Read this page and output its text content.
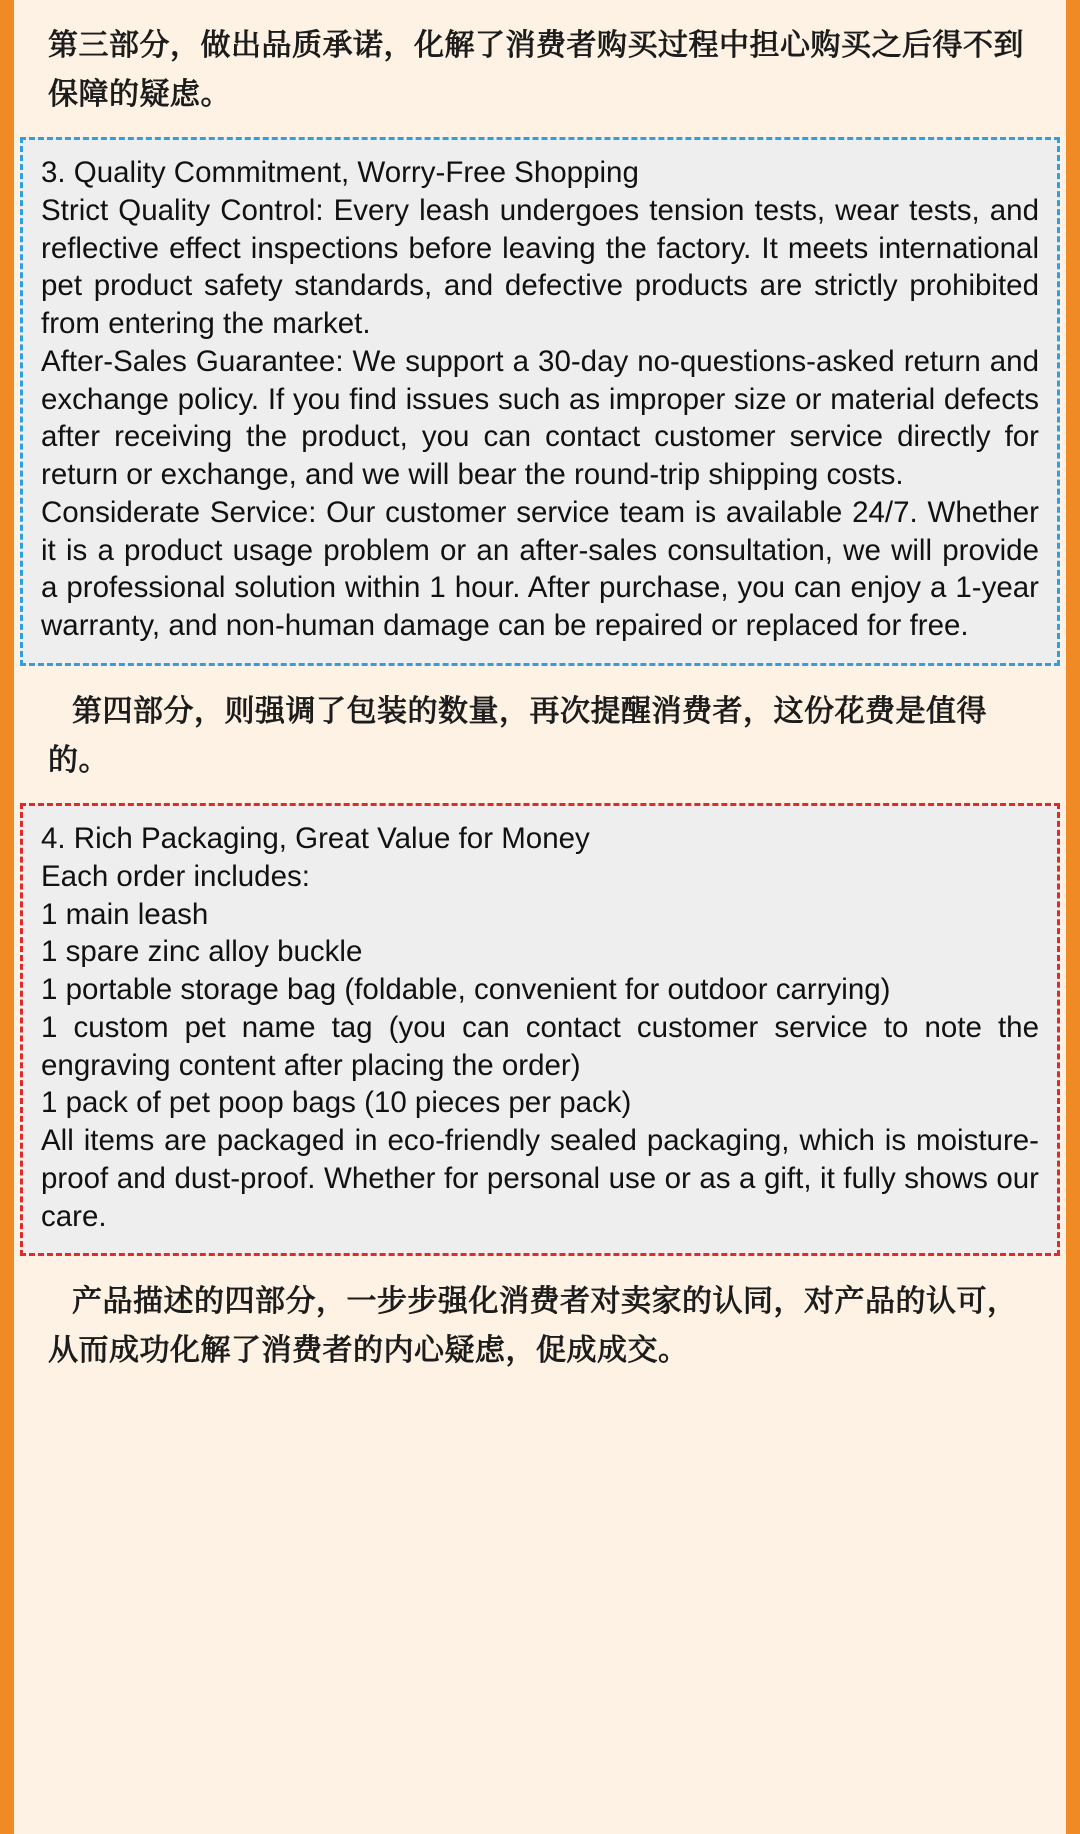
第三部分，做出品质承诺，化解了消费者购买过程中担心购买之后得不到保障的疑虑。

3. Quality Commitment, Worry-Free Shopping

Strict Quality Control: Every leash undergoes tension tests, wear tests, and reflective effect inspections before leaving the factory. It meets international pet product safety standards, and defective products are strictly prohibited from entering the market.

After-Sales Guarantee: We support a 30-day no-questions-asked return and exchange policy. If you find issues such as improper size or material defects after receiving the product, you can contact customer service directly for return or exchange, and we will bear the round-trip shipping costs.

Considerate Service: Our customer service team is available 24/7. Whether it is a product usage problem or an after-sales consultation, we will provide a professional solution within 1 hour. After purchase, you can enjoy a 1-year warranty, and non-human damage can be repaired or replaced for free.

第四部分，则强调了包装的数量，再次提醒消费者，这份花费是值得的。

4. Rich Packaging, Great Value for Money

Each order includes:

1 main leash

1 spare zinc alloy buckle

1 portable storage bag (foldable, convenient for outdoor carrying)

1 custom pet name tag (you can contact customer service to note the engraving content after placing the order)

1 pack of pet poop bags (10 pieces per pack)

All items are packaged in eco-friendly sealed packaging, which is moisture-proof and dust-proof. Whether for personal use or as a gift, it fully shows our care.

产品描述的四部分，一步步强化消费者对卖家的认同，对产品的认可，从而成功化解了消费者的内心疑虑，促成成交。
